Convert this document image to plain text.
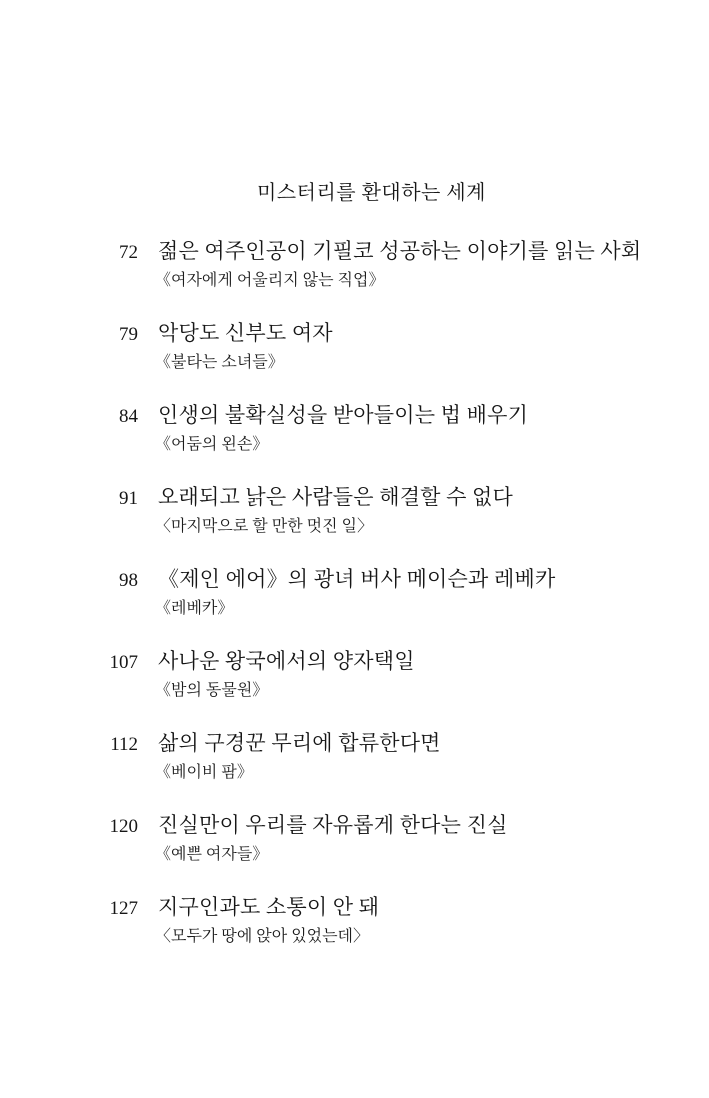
미스터리를 환대하는 세계
72 젊은 여주인공이 기필코 성공하는 이야기를 읽는 사회
《여자에게 어울리지 않는 직업》
79 악당도 신부도 여자
《불타는 소녀들》
84 인생의 불확실성을 받아들이는 법 배우기
《어둠의 왼손》
91 오래되고 낡은 사람들은 해결할 수 없다
〈마지막으로 할 만한 멋진 일〉
98 《제인 에어》의 광녀 버사 메이슨과 레베카
《레베카》
107 사나운 왕국에서의 양자택일
《밤의 동물원》
112 삶의 구경꾼 무리에 합류한다면
《베이비 팜》
120 진실만이 우리를 자유롭게 한다는 진실
《예쁜 여자들》
127 지구인과도 소통이 안 돼
〈모두가 땅에 앉아 있었는데〉
